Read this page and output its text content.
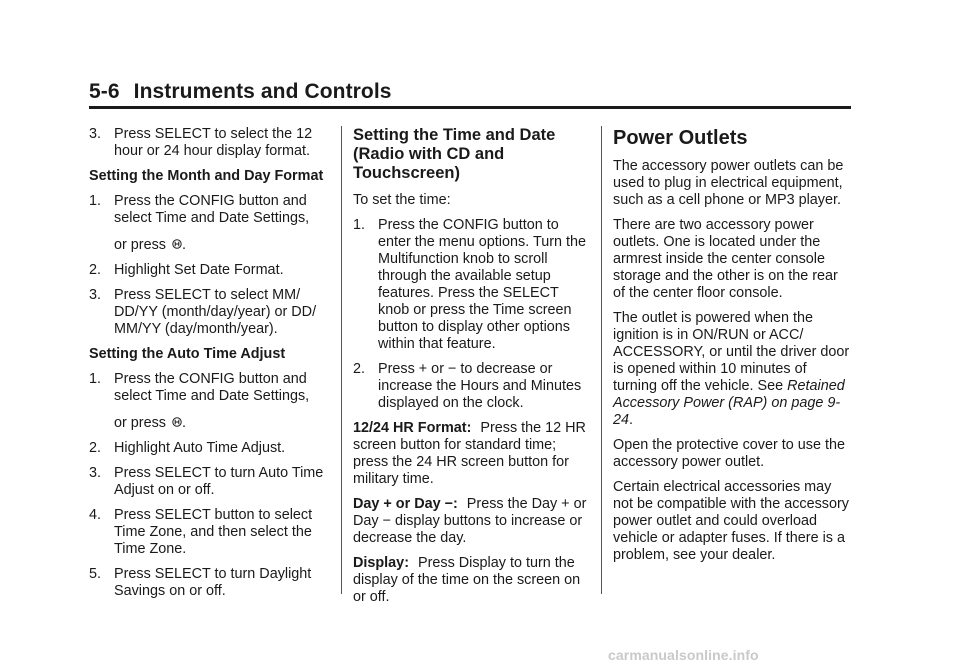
5-6 Instruments and Controls
3. Press SELECT to select the 12 hour or 24 hour display format.
Setting the Month and Day Format
1. Press the CONFIG button and select Time and Date Settings,
or press .
2. Highlight Set Date Format.
3. Press SELECT to select MM/ DD/YY (month/day/year) or DD/ MM/YY (day/month/year).
Setting the Auto Time Adjust
1. Press the CONFIG button and select Time and Date Settings,
or press .
2. Highlight Auto Time Adjust.
3. Press SELECT to turn Auto Time Adjust on or off.
4. Press SELECT button to select Time Zone, and then select the Time Zone.
5. Press SELECT to turn Daylight Savings on or off.
Setting the Time and Date (Radio with CD and Touchscreen)

To set the time:

1. Press the CONFIG button to enter the menu options. Turn the Multifunction knob to scroll through the available setup features. Press the SELECT knob or press the Time screen button to display other options within that feature.
2. Press + or − to decrease or increase the Hours and Minutes displayed on the clock.

12/24 HR Format: Press the 12 HR screen button for standard time; press the 24 HR screen button for military time.

Day + or Day −: Press the Day + or Day − display buttons to increase or decrease the day.

Display: Press Display to turn the display of the time on the screen on or off.

Power Outlets

The accessory power outlets can be used to plug in electrical equipment, such as a cell phone or MP3 player.

There are two accessory power outlets. One is located under the armrest inside the center console storage and the other is on the rear of the center floor console.

The outlet is powered when the ignition is in ON/RUN or ACC/ ACCESSORY, or until the driver door is opened within 10 minutes of turning off the vehicle. See Retained Accessory Power (RAP) on page 9-24.

Open the protective cover to use the accessory power outlet.

Certain electrical accessories may not be compatible with the accessory power outlet and could overload vehicle or adapter fuses. If there is a problem, see your dealer.

carmanualsonline.info
